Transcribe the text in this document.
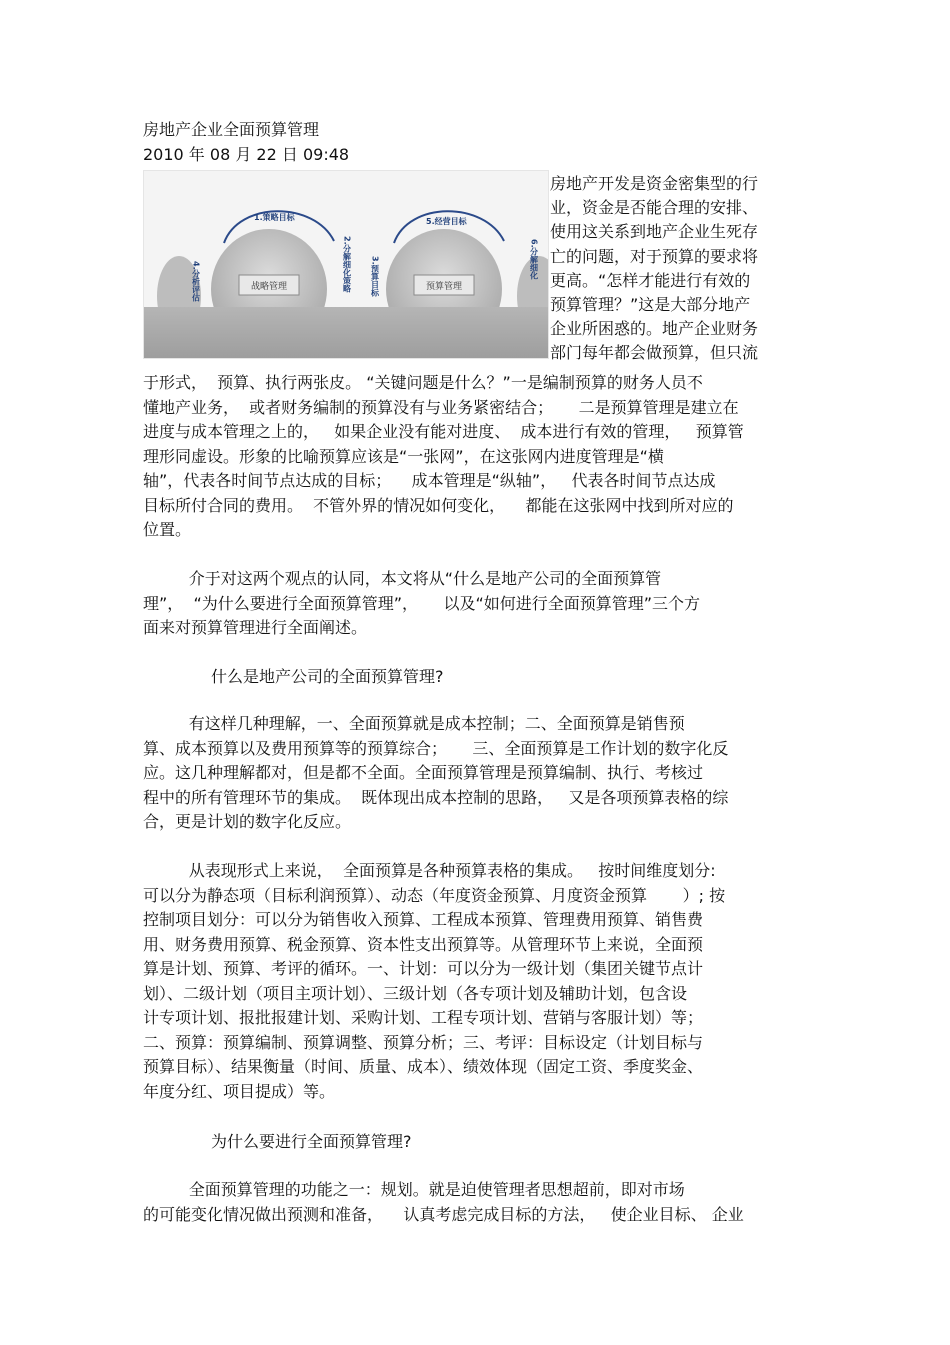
房地产企业全面预算管理
2010 年 08 月 22 日 09:48
战略管理	预算管理
1.策略目标	5.经营目标
4.分析评估	2.分解细化策略 3.预算目标	6.分解细化
房地产开发是资金密集型的行
业，资金是否能合理的安排、
使用这关系到地产企业生死存
亡的问题，对于预算的要求将
更高。“怎样才能进行有效的
预算管理？”这是大部分地产
企业所困惑的。地产企业财务
部门每年都会做预算，但只流
于形式，  预算、执行两张皮。 “关键问题是什么？”一是编制预算的财务人员不
懂地产业务，  或者财务编制的预算没有与业务紧密结合；     二是预算管理是建立在
进度与成本管理之上的，   如果企业没有能对进度、  成本进行有效的管理，   预算管
理形同虚设。形象的比喻预算应该是“一张网”，在这张网内进度管理是“横
轴”，代表各时间节点达成的目标；    成本管理是“纵轴”，   代表各时间节点达成
目标所付合同的费用。  不管外界的情况如何变化，    都能在这张网中找到所对应的
位置。
介于对这两个观点的认同，本文将从“什么是地产公司的全面预算管
理”，  “为什么要进行全面预算管理”，     以及“如何进行全面预算管理”三个方
面来对预算管理进行全面阐述。
什么是地产公司的全面预算管理?
有这样几种理解，一、全面预算就是成本控制；二、全面预算是销售预
算、成本预算以及费用预算等的预算综合；     三、全面预算是工作计划的数字化反
应。这几种理解都对，但是都不全面。全面预算管理是预算编制、执行、考核过
程中的所有管理环节的集成。  既体现出成本控制的思路，   又是各项预算表格的综
合，更是计划的数字化反应。
从表现形式上来说，  全面预算是各种预算表格的集成。   按时间维度划分:
可以分为静态项（目标利润预算）、动态（年度资金预算、月度资金预算       ）; 按
控制项目划分：可以分为销售收入预算、工程成本预算、管理费用预算、销售费
用、财务费用预算、税金预算、资本性支出预算等。从管理环节上来说，全面预
算是计划、预算、考评的循环。一、计划：可以分为一级计划（集团关键节点计
划）、二级计划（项目主项计划）、三级计划（各专项计划及辅助计划，包含设
计专项计划、报批报建计划、采购计划、工程专项计划、营销与客服计划）等；
二、预算：预算编制、预算调整、预算分析；三、考评：目标设定（计划目标与
预算目标）、结果衡量（时间、质量、成本）、绩效体现（固定工资、季度奖金、
年度分红、项目提成）等。
为什么要进行全面预算管理?
全面预算管理的功能之一：规划。就是迫使管理者思想超前，即对市场
的可能变化情况做出预测和准备，    认真考虑完成目标的方法，   使企业目标、 企业
